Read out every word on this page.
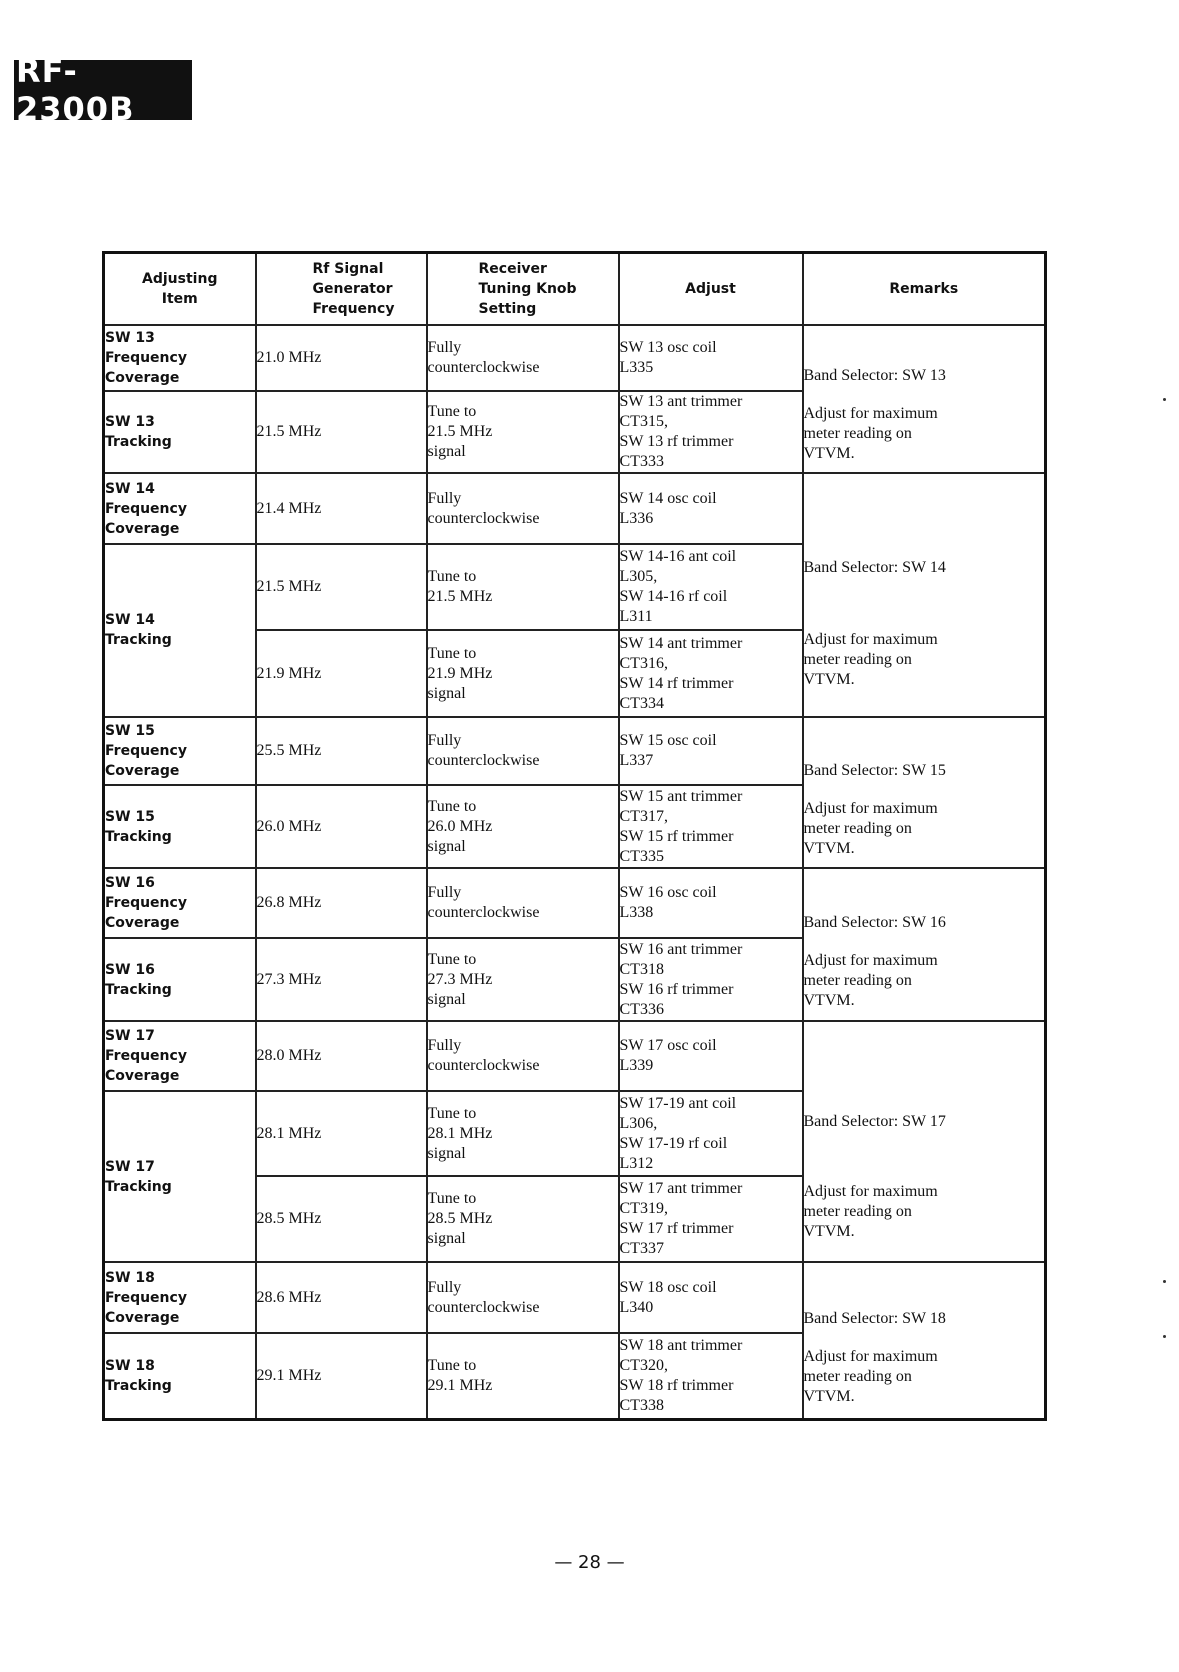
RF-2300B
Adjusting
Item	Rf Signal
Generator
Frequency	Receiver
Tuning Knob
Setting	Adjust	Remarks

SW 13
Frequency
Coverage	21.0 MHz	Fully
counterclockwise	SW 13 osc coil
L335	Band Selector: SW 13
Adjust for maximum
meter reading on
VTVM.

SW 13
Tracking	21.5 MHz	Tune to
21.5 MHz
signal	SW 13 ant trimmer
CT315,
SW 13 rf trimmer
CT333	

SW 14
Frequency
Coverage	21.4 MHz	Fully
counterclockwise	SW 14 osc coil
L336	Band Selector: SW 14
Adjust for maximum
meter reading on
VTVM.

SW 14
Tracking	21.5 MHz	Tune to
21.5 MHz	SW 14-16 ant coil
L305,
SW 14-16 rf coil
L311	

	21.9 MHz	Tune to
21.9 MHz
signal	SW 14 ant trimmer
CT316,
SW 14 rf trimmer
CT334	

SW 15
Frequency
Coverage	25.5 MHz	Fully
counterclockwise	SW 15 osc coil
L337	Band Selector: SW 15
Adjust for maximum
meter reading on
VTVM.

SW 15
Tracking	26.0 MHz	Tune to
26.0 MHz
signal	SW 15 ant trimmer
CT317,
SW 15 rf trimmer
CT335	

SW 16
Frequency
Coverage	26.8 MHz	Fully
counterclockwise	SW 16 osc coil
L338	Band Selector: SW 16
Adjust for maximum
meter reading on
VTVM.

SW 16
Tracking	27.3 MHz	Tune to
27.3 MHz
signal	SW 16 ant trimmer
CT318
SW 16 rf trimmer
CT336	

SW 17
Frequency
Coverage	28.0 MHz	Fully
counterclockwise	SW 17 osc coil
L339	Band Selector: SW 17
Adjust for maximum
meter reading on
VTVM.

SW 17
Tracking	28.1 MHz	Tune to
28.1 MHz
signal	SW 17-19 ant coil
L306,
SW 17-19 rf coil
L312	

	28.5 MHz	Tune to
28.5 MHz
signal	SW 17 ant trimmer
CT319,
SW 17 rf trimmer
CT337	

SW 18
Frequency
Coverage	28.6 MHz	Fully
counterclockwise	SW 18 osc coil
L340	Band Selector: SW 18
Adjust for maximum
meter reading on
VTVM.

SW 18
Tracking	29.1 MHz	Tune to
29.1 MHz	SW 18 ant trimmer
CT320,
SW 18 rf trimmer
CT338	
— 28 —
